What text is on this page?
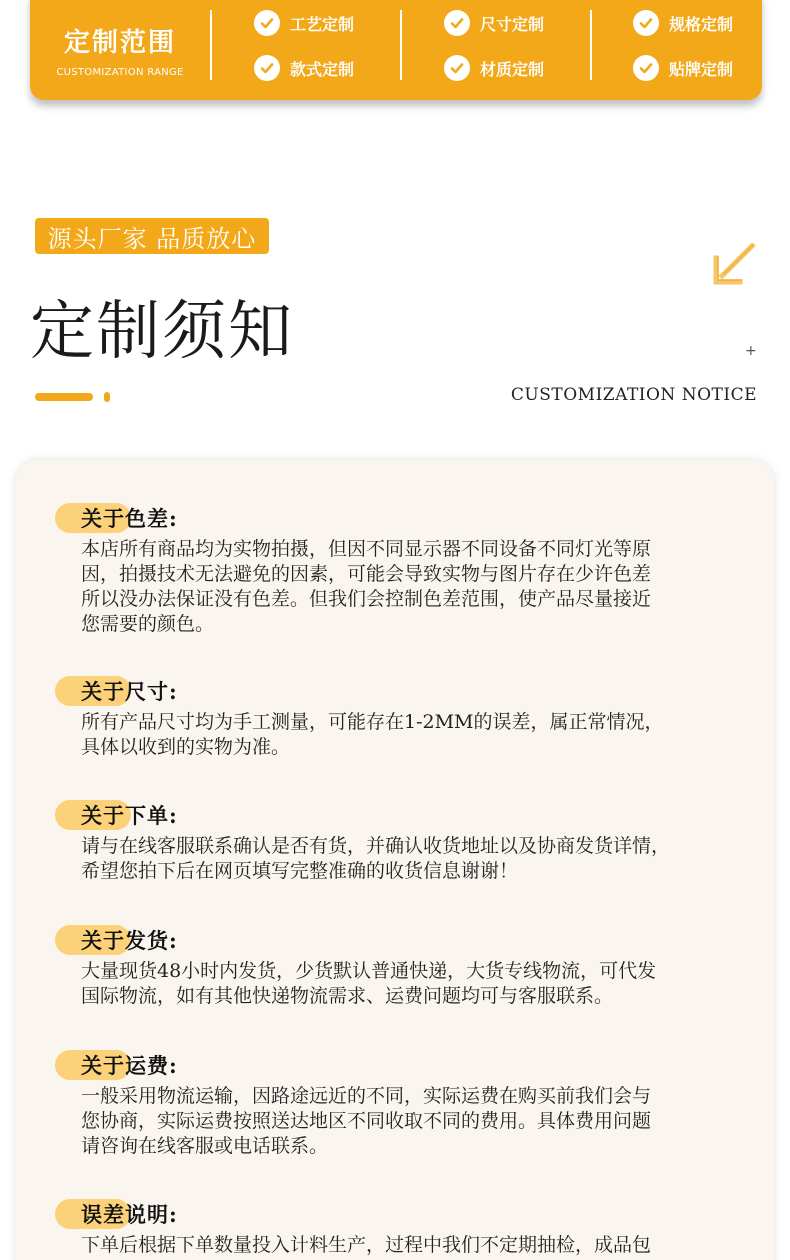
定制范围
CUSTOMIZATION RANGE
工艺定制
款式定制
尺寸定制
材质定制
规格定制
贴牌定制
源头厂家 品质放心
定制须知	+
CUSTOMIZATION NOTICE
关于色差:
本店所有商品均为实物拍摄，但因不同显示器不同设备不同灯光等原
因，拍摄技术无法避免的因素，可能会导致实物与图片存在少许色差
所以没办法保证没有色差。但我们会控制色差范围，使产品尽量接近
您需要的颜色。
关于尺寸:
所有产品尺寸均为手工测量，可能存在1-2MM的误差，属正常情况，
具体以收到的实物为准。
关于下单:
请与在线客服联系确认是否有货，并确认收货地址以及协商发货详情，
希望您拍下后在网页填写完整准确的收货信息谢谢！
关于发货:
大量现货48小时内发货，少货默认普通快递，大货专线物流，可代发
国际物流，如有其他快递物流需求、运费问题均可与客服联系。
关于运费:
一般采用物流运输，因路途远近的不同，实际运费在购买前我们会与
您协商，实际运费按照送达地区不同收取不同的费用。具体费用问题
请咨询在线客服或电话联系。
误差说明:
下单后根据下单数量投入计料生产，过程中我们不定期抽检，成品包
